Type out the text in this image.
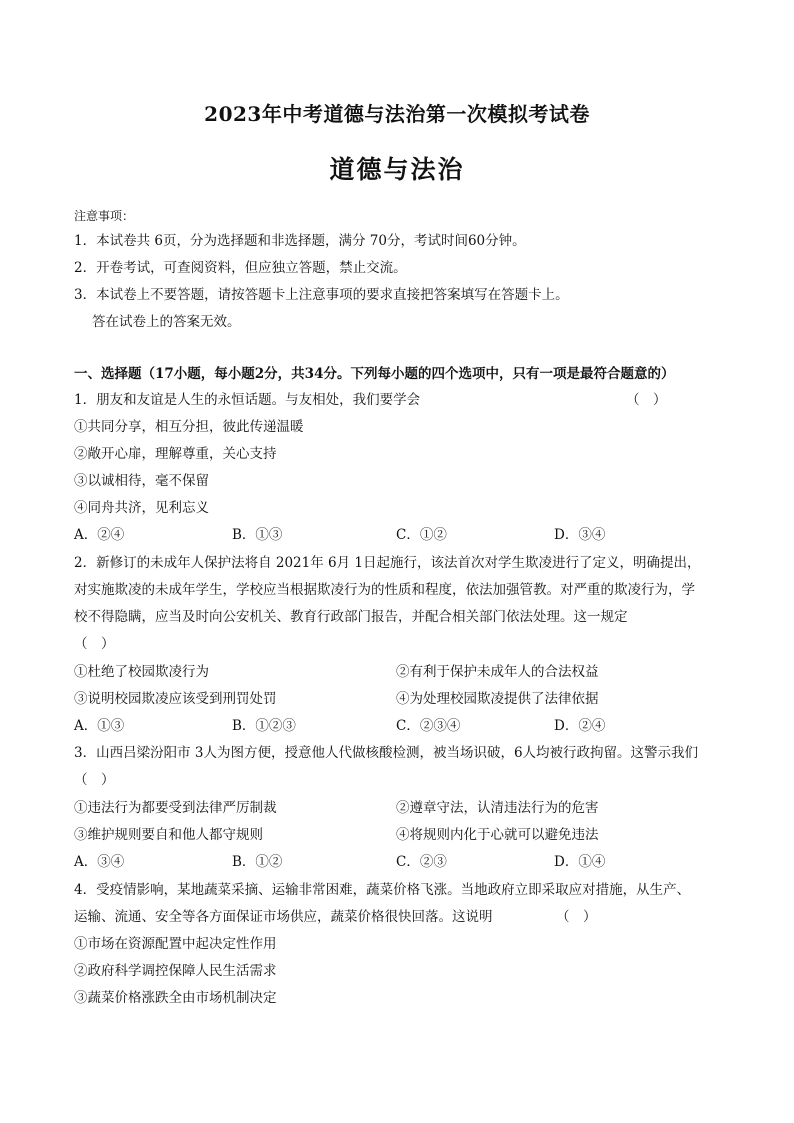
2023年中考道德与法治第一次模拟考试卷
道德与法治
注意事项：
1．本试卷共 6页，分为选择题和非选择题，满分 70分，考试时间60分钟。
2．开卷考试，可查阅资料，但应独立答题，禁止交流。
3．本试卷上不要答题，请按答题卡上注意事项的要求直接把答案填写在答题卡上。
答在试卷上的答案无效。
一、选择题（17小题，每小题2分，共34分。下列每小题的四个选项中，只有一项是最符合题意的）
1．朋友和友谊是人生的永恒话题。与友相处，我们要学会	（　）
①共同分享，相互分担，彼此传递温暖
②敞开心扉，理解尊重，关心支持
③以诚相待，毫不保留
④同舟共济，见利忘义
A．②④	B．①③	C．①②	D．③④
2．新修订的未成年人保护法将自 2021年 6月 1日起施行，该法首次对学生欺凌进行了定义，明确提出，
对实施欺凌的未成年学生，学校应当根据欺凌行为的性质和程度，依法加强管教。对严重的欺凌行为，学
校不得隐瞒，应当及时向公安机关、教育行政部门报告，并配合相关部门依法处理。这一规定
（　）
①杜绝了校园欺凌行为	②有利于保护未成年人的合法权益
③说明校园欺凌应该受到刑罚处罚	④为处理校园欺凌提供了法律依据
A．①③	B．①②③	C．②③④	D．②④
3．山西吕梁汾阳市 3人为图方便，授意他人代做核酸检测，被当场识破，6人均被行政拘留。这警示我们
（　）
①违法行为都要受到法律严厉制裁	②遵章守法，认清违法行为的危害
③维护规则要自和他人都守规则	④将规则内化于心就可以避免违法
A．③④	B．①②	C．②③	D．①④
4．受疫情影响，某地蔬菜采摘、运输非常困难，蔬菜价格飞涨。当地政府立即采取应对措施，从生产、
运输、流通、安全等各方面保证市场供应，蔬菜价格很快回落。这说明	（　）
①市场在资源配置中起决定性作用
②政府科学调控保障人民生活需求
③蔬菜价格涨跌全由市场机制决定
